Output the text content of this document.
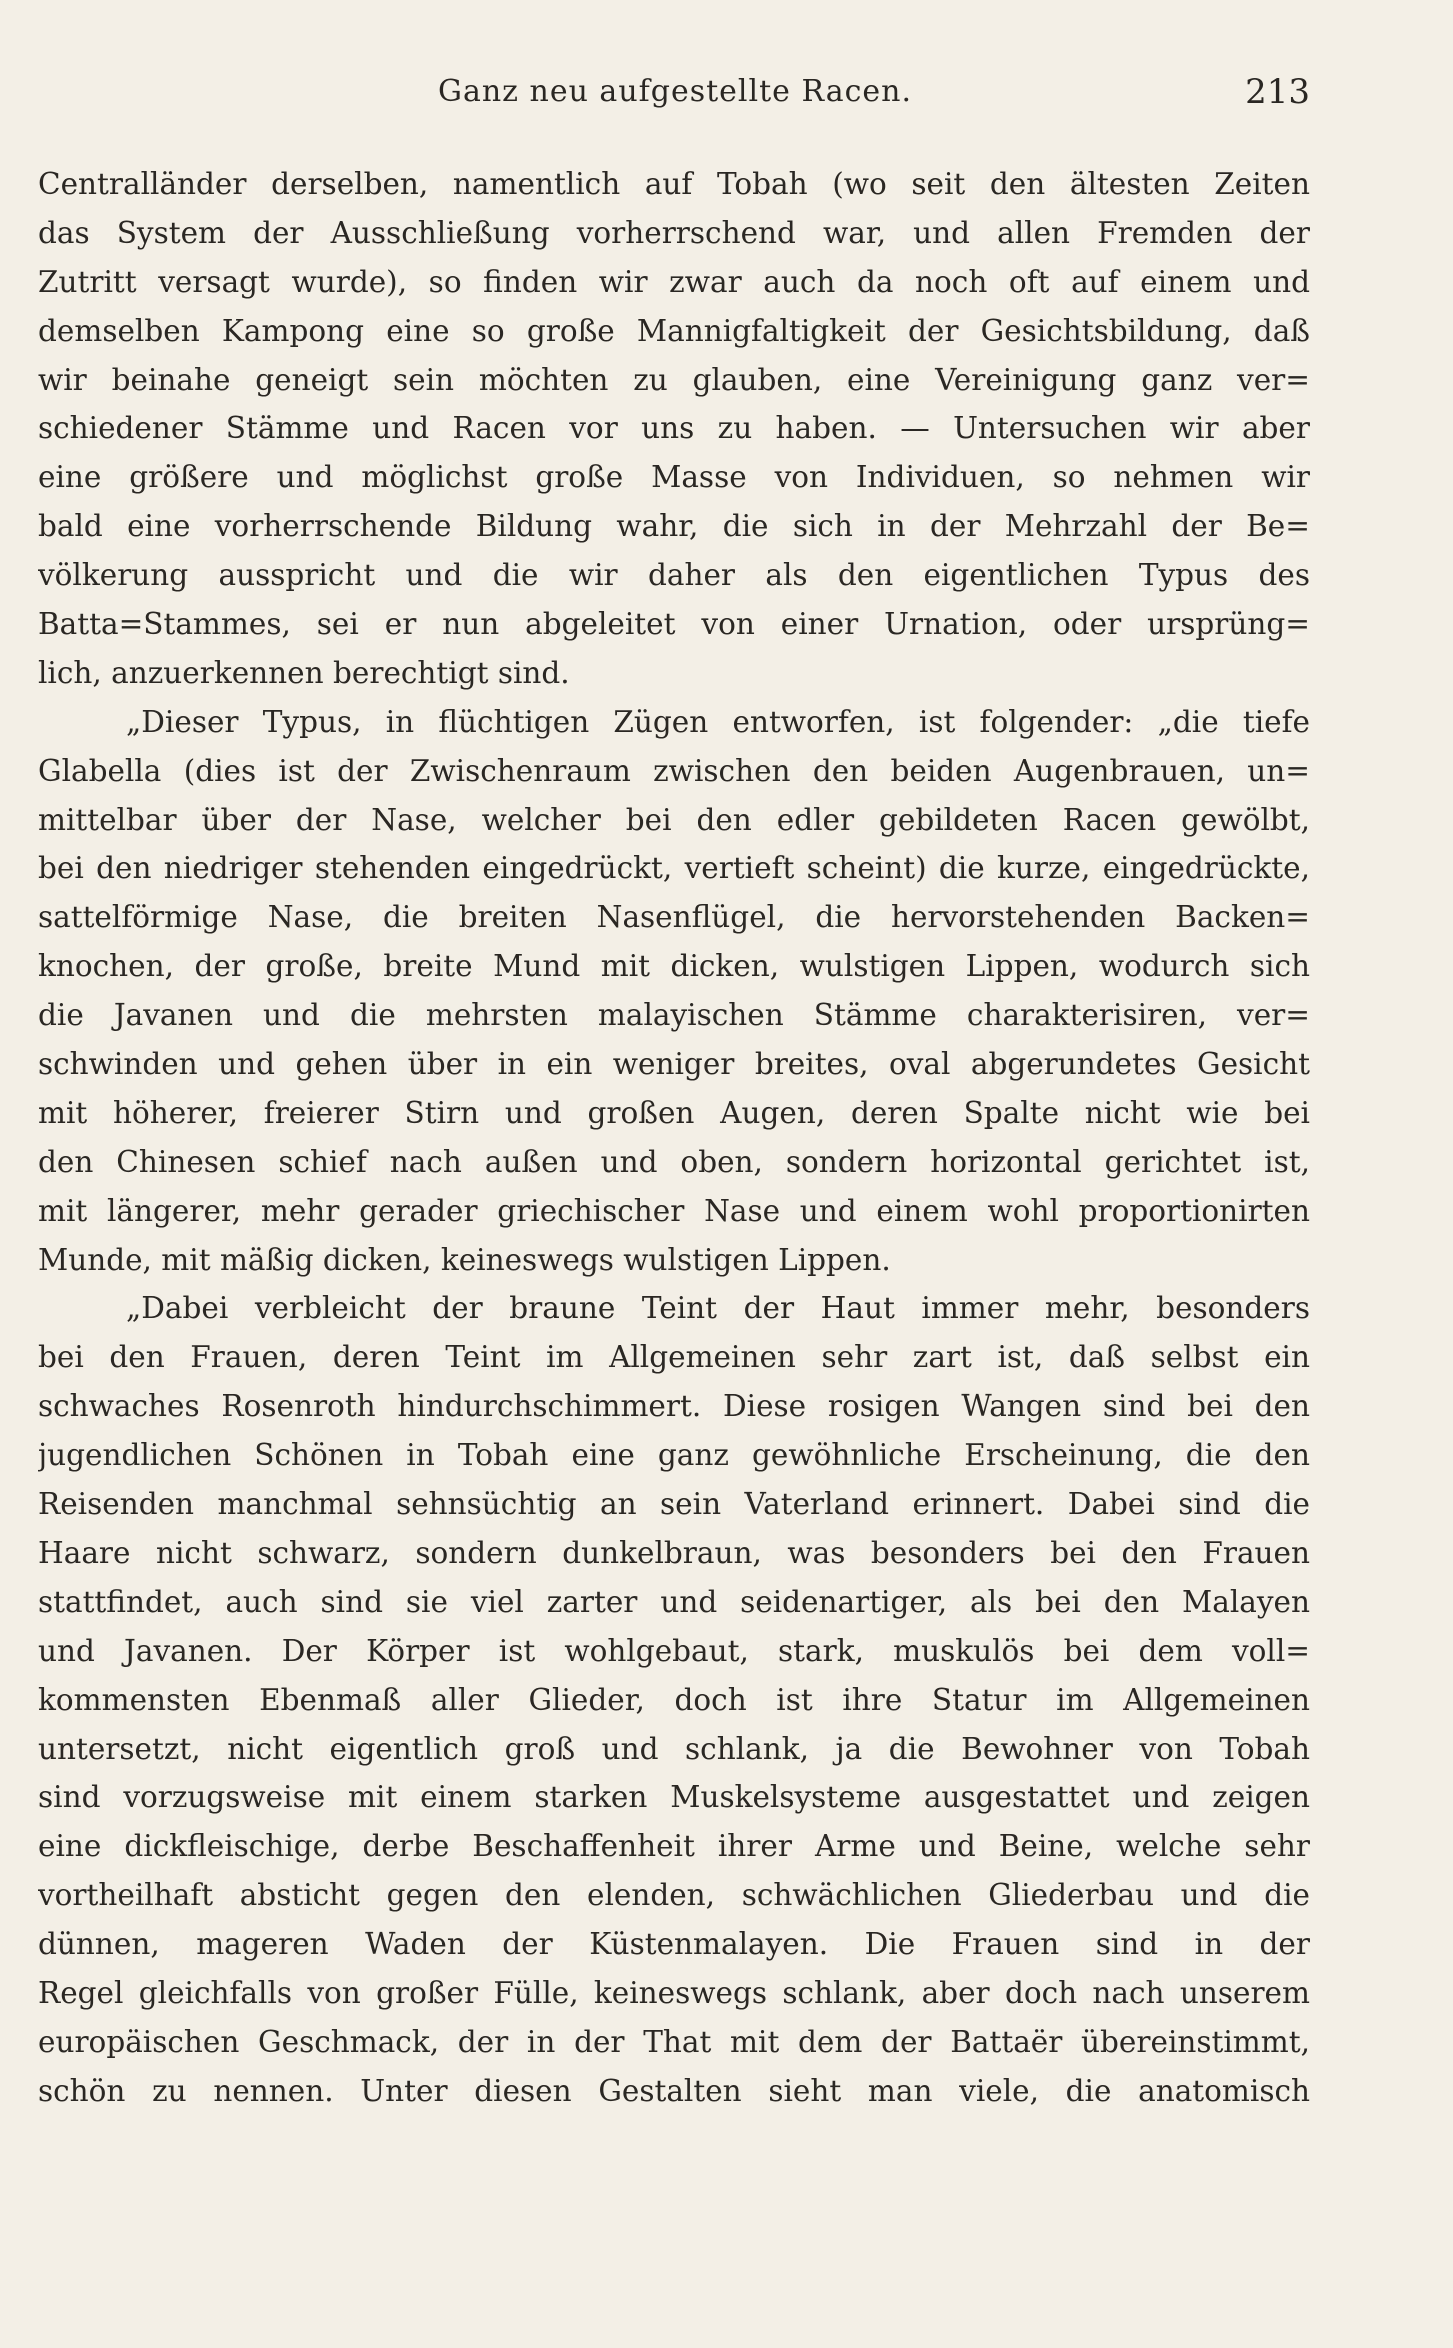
Ganz neu aufgestellte Racen.	213
Centralländer derselben, namentlich auf Tobah (wo seit den ältesten Zeiten
das System der Ausschließung vorherrschend war, und allen Fremden der
Zutritt versagt wurde), so finden wir zwar auch da noch oft auf einem und
demselben Kampong eine so große Mannigfaltigkeit der Gesichtsbildung, daß
wir beinahe geneigt sein möchten zu glauben, eine Vereinigung ganz ver=
schiedener Stämme und Racen vor uns zu haben. — Untersuchen wir aber
eine größere und möglichst große Masse von Individuen, so nehmen wir
bald eine vorherrschende Bildung wahr, die sich in der Mehrzahl der Be=
völkerung ausspricht und die wir daher als den eigentlichen Typus des
Batta=Stammes, sei er nun abgeleitet von einer Urnation, oder ursprüng=
lich, anzuerkennen berechtigt sind.
„Dieser Typus, in flüchtigen Zügen entworfen, ist folgender: „die tiefe
Glabella (dies ist der Zwischenraum zwischen den beiden Augenbrauen, un=
mittelbar über der Nase, welcher bei den edler gebildeten Racen gewölbt,
bei den niedriger stehenden eingedrückt, vertieft scheint) die kurze, eingedrückte,
sattelförmige Nase, die breiten Nasenflügel, die hervorstehenden Backen=
knochen, der große, breite Mund mit dicken, wulstigen Lippen, wodurch sich
die Javanen und die mehrsten malayischen Stämme charakterisiren, ver=
schwinden und gehen über in ein weniger breites, oval abgerundetes Gesicht
mit höherer, freierer Stirn und großen Augen, deren Spalte nicht wie bei
den Chinesen schief nach außen und oben, sondern horizontal gerichtet ist,
mit längerer, mehr gerader griechischer Nase und einem wohl proportionirten
Munde, mit mäßig dicken, keineswegs wulstigen Lippen.
„Dabei verbleicht der braune Teint der Haut immer mehr, besonders
bei den Frauen, deren Teint im Allgemeinen sehr zart ist, daß selbst ein
schwaches Rosenroth hindurchschimmert. Diese rosigen Wangen sind bei den
jugendlichen Schönen in Tobah eine ganz gewöhnliche Erscheinung, die den
Reisenden manchmal sehnsüchtig an sein Vaterland erinnert. Dabei sind die
Haare nicht schwarz, sondern dunkelbraun, was besonders bei den Frauen
stattfindet, auch sind sie viel zarter und seidenartiger, als bei den Malayen
und Javanen. Der Körper ist wohlgebaut, stark, muskulös bei dem voll=
kommensten Ebenmaß aller Glieder, doch ist ihre Statur im Allgemeinen
untersetzt, nicht eigentlich groß und schlank, ja die Bewohner von Tobah
sind vorzugsweise mit einem starken Muskelsysteme ausgestattet und zeigen
eine dickfleischige, derbe Beschaffenheit ihrer Arme und Beine, welche sehr
vortheilhaft absticht gegen den elenden, schwächlichen Gliederbau und die
dünnen, mageren Waden der Küstenmalayen. Die Frauen sind in der
Regel gleichfalls von großer Fülle, keineswegs schlank, aber doch nach unserem
europäischen Geschmack, der in der That mit dem der Battaër übereinstimmt,
schön zu nennen. Unter diesen Gestalten sieht man viele, die anatomisch
